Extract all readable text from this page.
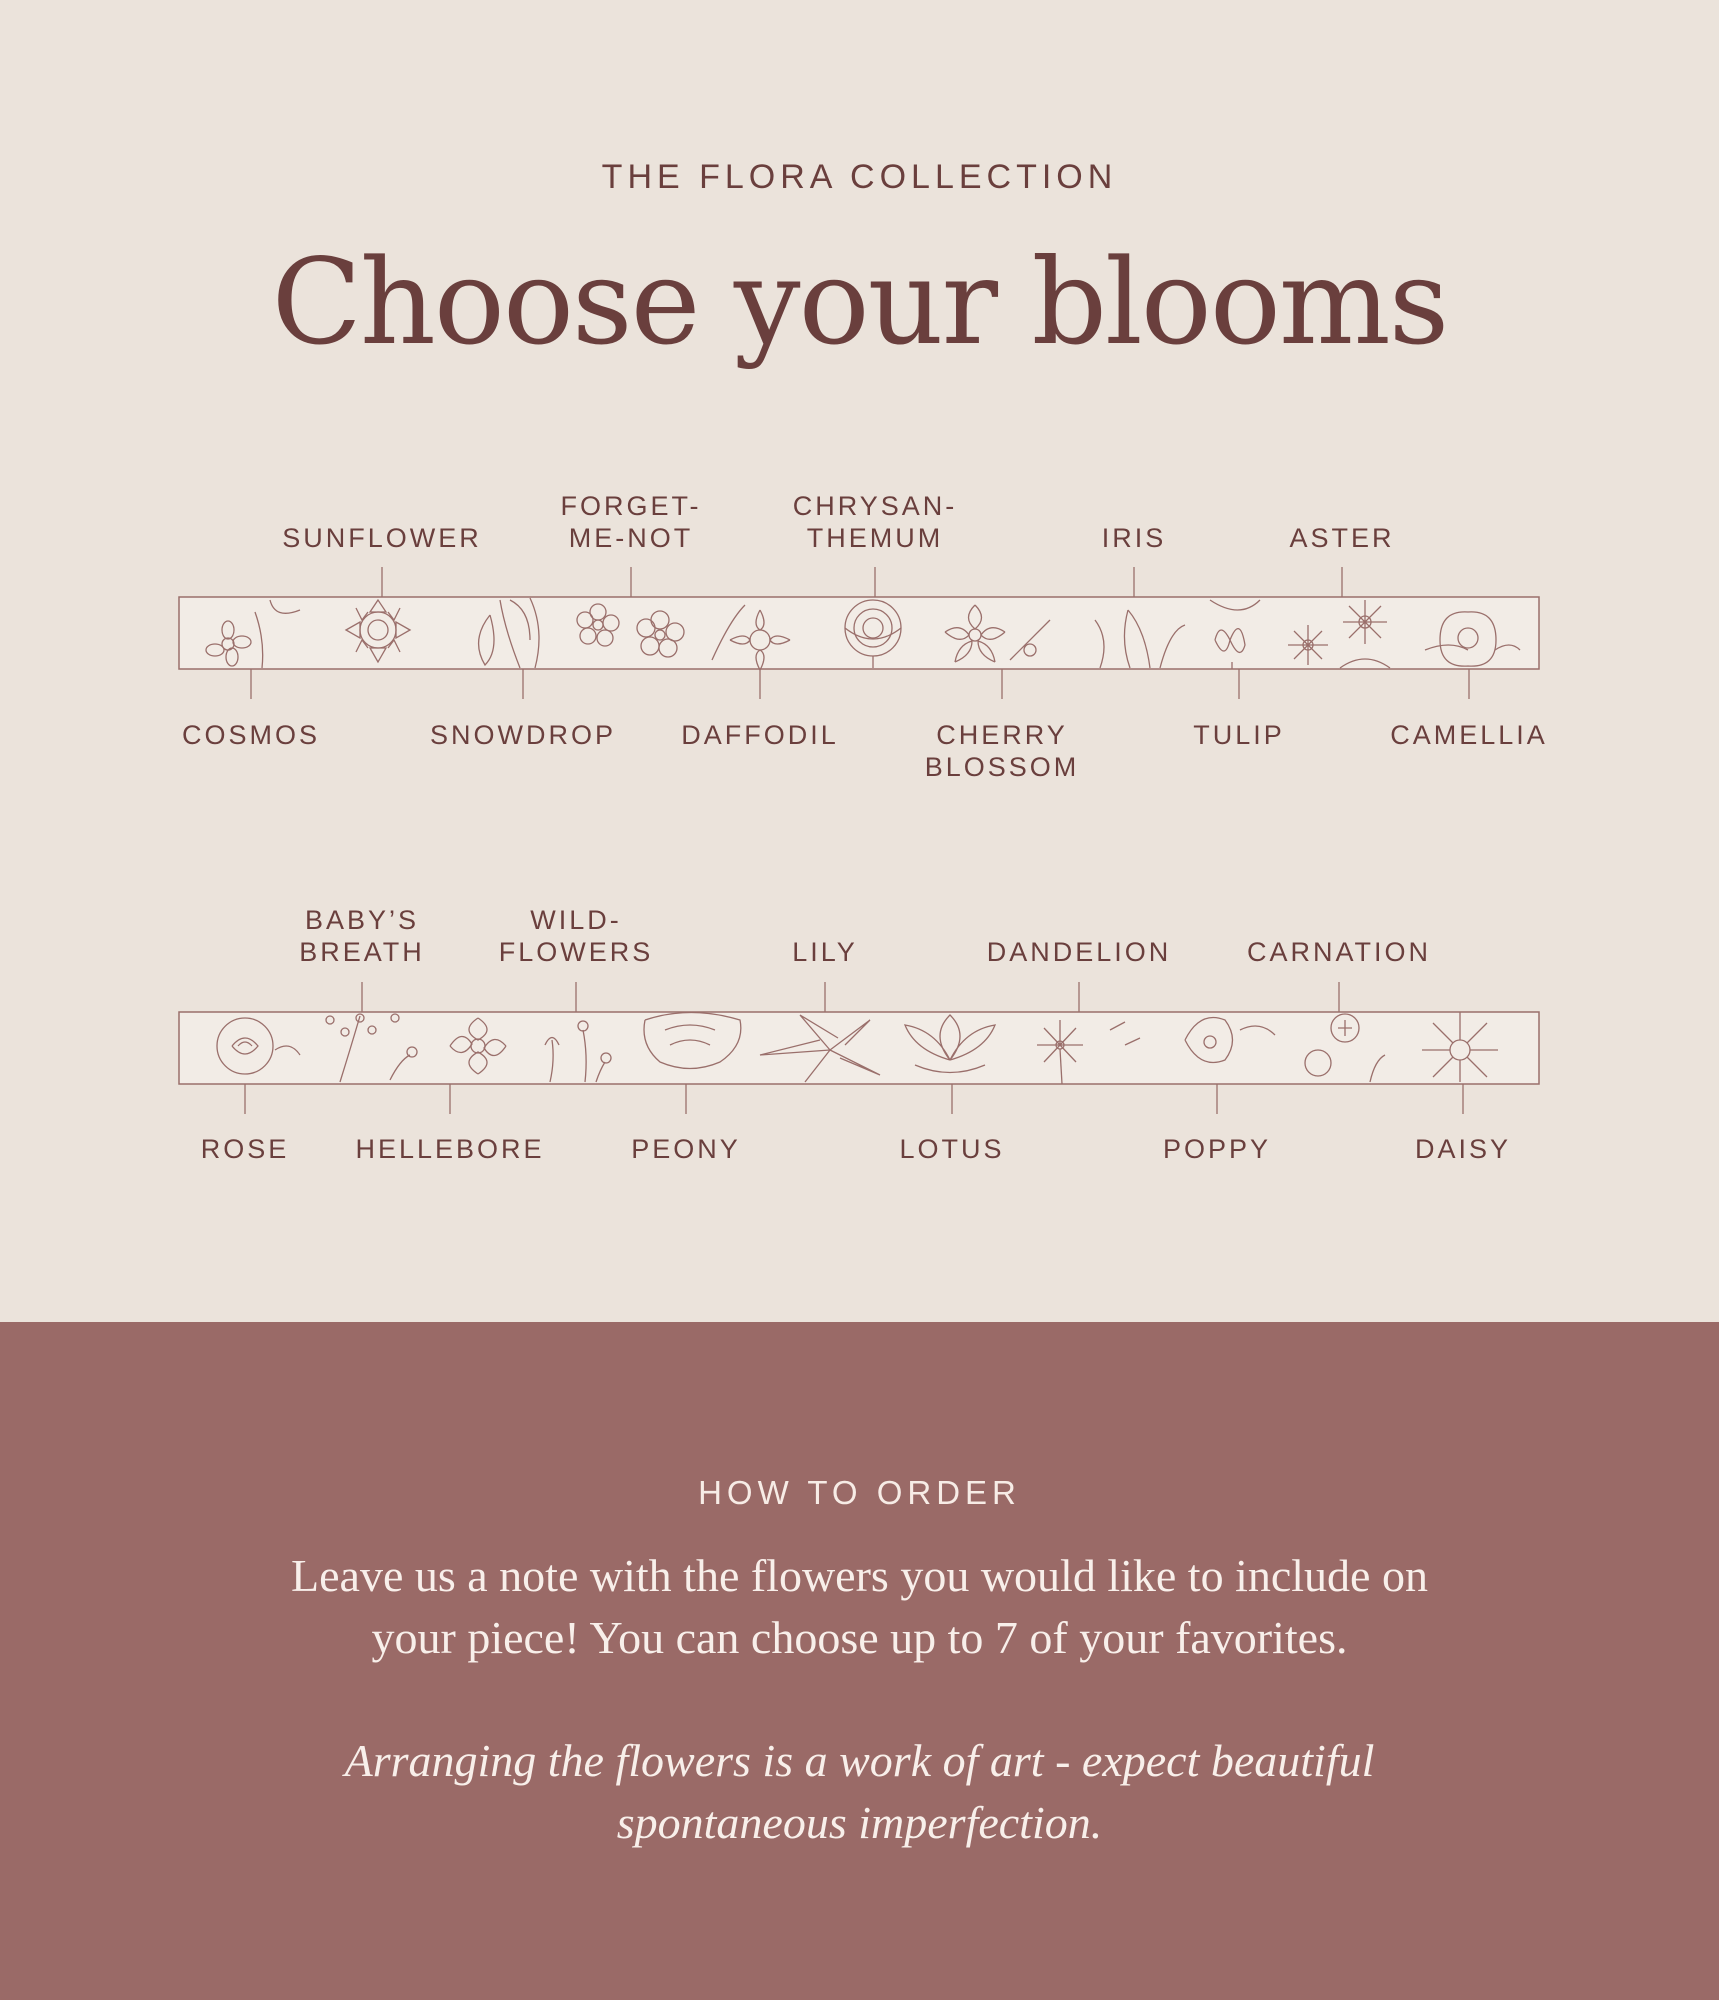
THE FLORA COLLECTION
Choose your blooms
SUNFLOWER
FORGET-
ME-NOT
CHRYSAN-
THEMUM	IRIS	ASTER
COSMOS	SNOWDROP DAFFODIL	CHERRY
BLOSSOM
TULIP	CAMELLIA
BABY’S
BREATH
WILD-
FLOWERS	LILY	DANDELION	CARNATION
ROSE HELLEBORE	PEONY	LOTUS	POPPY	DAISY
HOW TO ORDER
Leave us a note with the flowers you would like to include on
your piece! You can choose up to 7 of your favorites.
Arranging the flowers is a work of art - expect beautiful
spontaneous imperfection.
